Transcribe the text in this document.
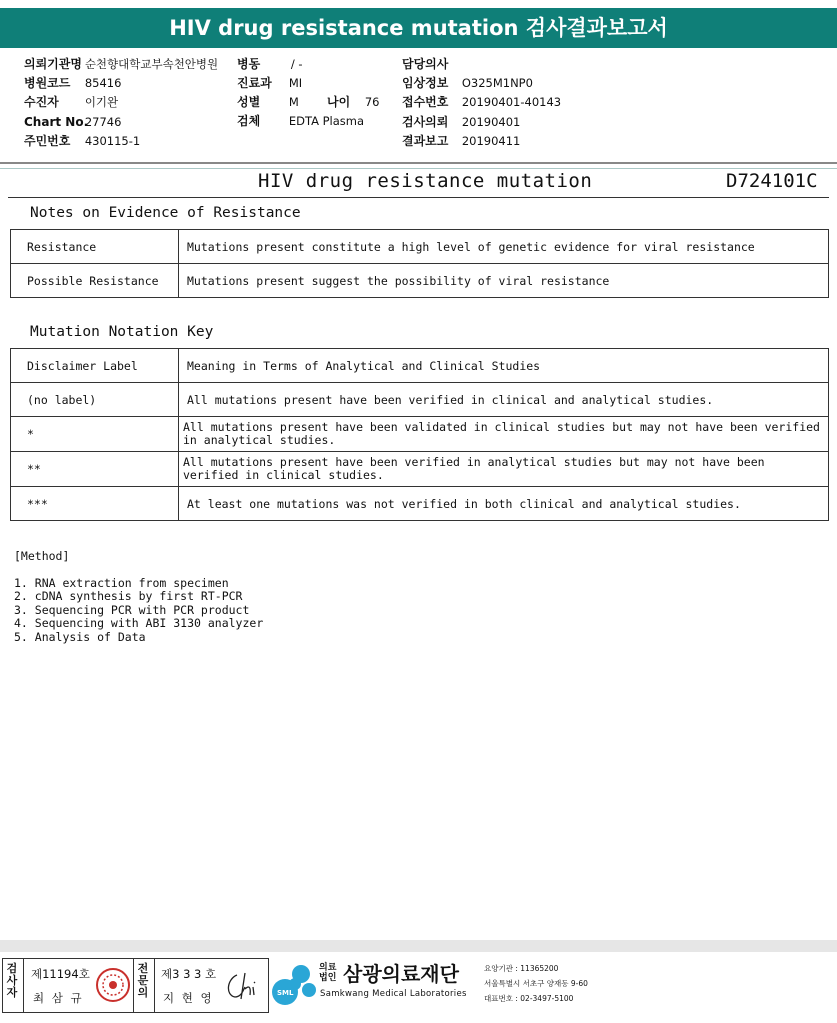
HIV drug resistance mutation 검사결과보고서
의뢰기관명 순천향대학교부속천안병원
병원코드 85416
수진자 이기완
Chart No. 27746
주민번호 430115-1
병동	/ -
진료과 MI
성별 M 나이 76
검체 EDTA Plasma
담당의사
임상정보 O325M1NP0
접수번호 20190401-40143
검사의뢰 20190401
결과보고 20190411
HIV drug resistance mutation	D724101C
Notes on Evidence of Resistance
Resistance	Mutations present constitute a high level of genetic evidence for viral resistance
Possible Resistance	Mutations present suggest the possibility of viral resistance
Mutation Notation Key
Disclaimer Label	Meaning in Terms of Analytical and Clinical Studies
(no label)	All mutations present have been verified in clinical and analytical studies.
*	All mutations present have been validated in clinical studies but may not have been verified in analytical studies.
**	All mutations present have been verified in analytical studies but may not have been verified in clinical studies.
***	At least one mutations was not verified in both clinical and analytical studies.
[Method]
1. RNA extraction from specimen
2. cDNA synthesis by first RT-PCR
3. Sequencing PCR with PCR product
4. Sequencing with ABI 3130 analyzer
5. Analysis of Data
검사자
제11194호
최 삼 규
전문의
제3 3 3 호
지 현 영	SML
의료법인 삼광의료재단
Samkwang Medical Laboratories
요양기관 : 11365200
서울특별시 서초구 양재동 9-60
대표번호 : 02-3497-5100
